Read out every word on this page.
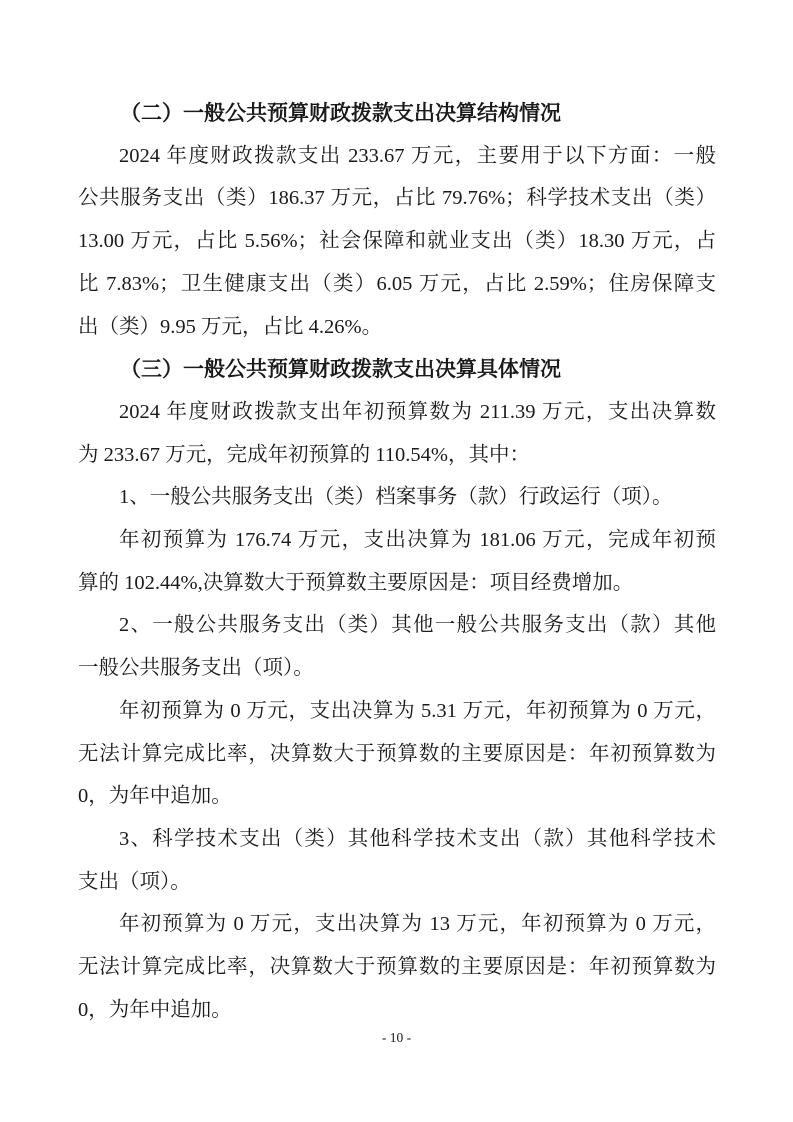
（二）一般公共预算财政拨款支出决算结构情况
2024 年度财政拨款支出 233.67 万元，主要用于以下方面：一般
公共服务支出（类）186.37 万元，占比 79.76%；科学技术支出（类）
13.00 万元，占比 5.56%；社会保障和就业支出（类）18.30 万元，占
比 7.83%；卫生健康支出（类）6.05 万元，占比 2.59%；住房保障支
出（类）9.95 万元，占比 4.26%。
（三）一般公共预算财政拨款支出决算具体情况
2024 年度财政拨款支出年初预算数为 211.39 万元，支出决算数
为 233.67 万元，完成年初预算的 110.54%，其中：
1、一般公共服务支出（类）档案事务（款）行政运行（项）。
年初预算为 176.74 万元，支出决算为 181.06 万元，完成年初预
算的 102.44%,决算数大于预算数主要原因是：项目经费增加。
2、一般公共服务支出（类）其他一般公共服务支出（款）其他
一般公共服务支出（项）。
年初预算为 0 万元，支出决算为 5.31 万元，年初预算为 0 万元，
无法计算完成比率，决算数大于预算数的主要原因是：年初预算数为
0，为年中追加。
3、科学技术支出（类）其他科学技术支出（款）其他科学技术
支出（项）。
年初预算为 0 万元，支出决算为 13 万元，年初预算为 0 万元，
无法计算完成比率，决算数大于预算数的主要原因是：年初预算数为
0，为年中追加。
- 10 -
